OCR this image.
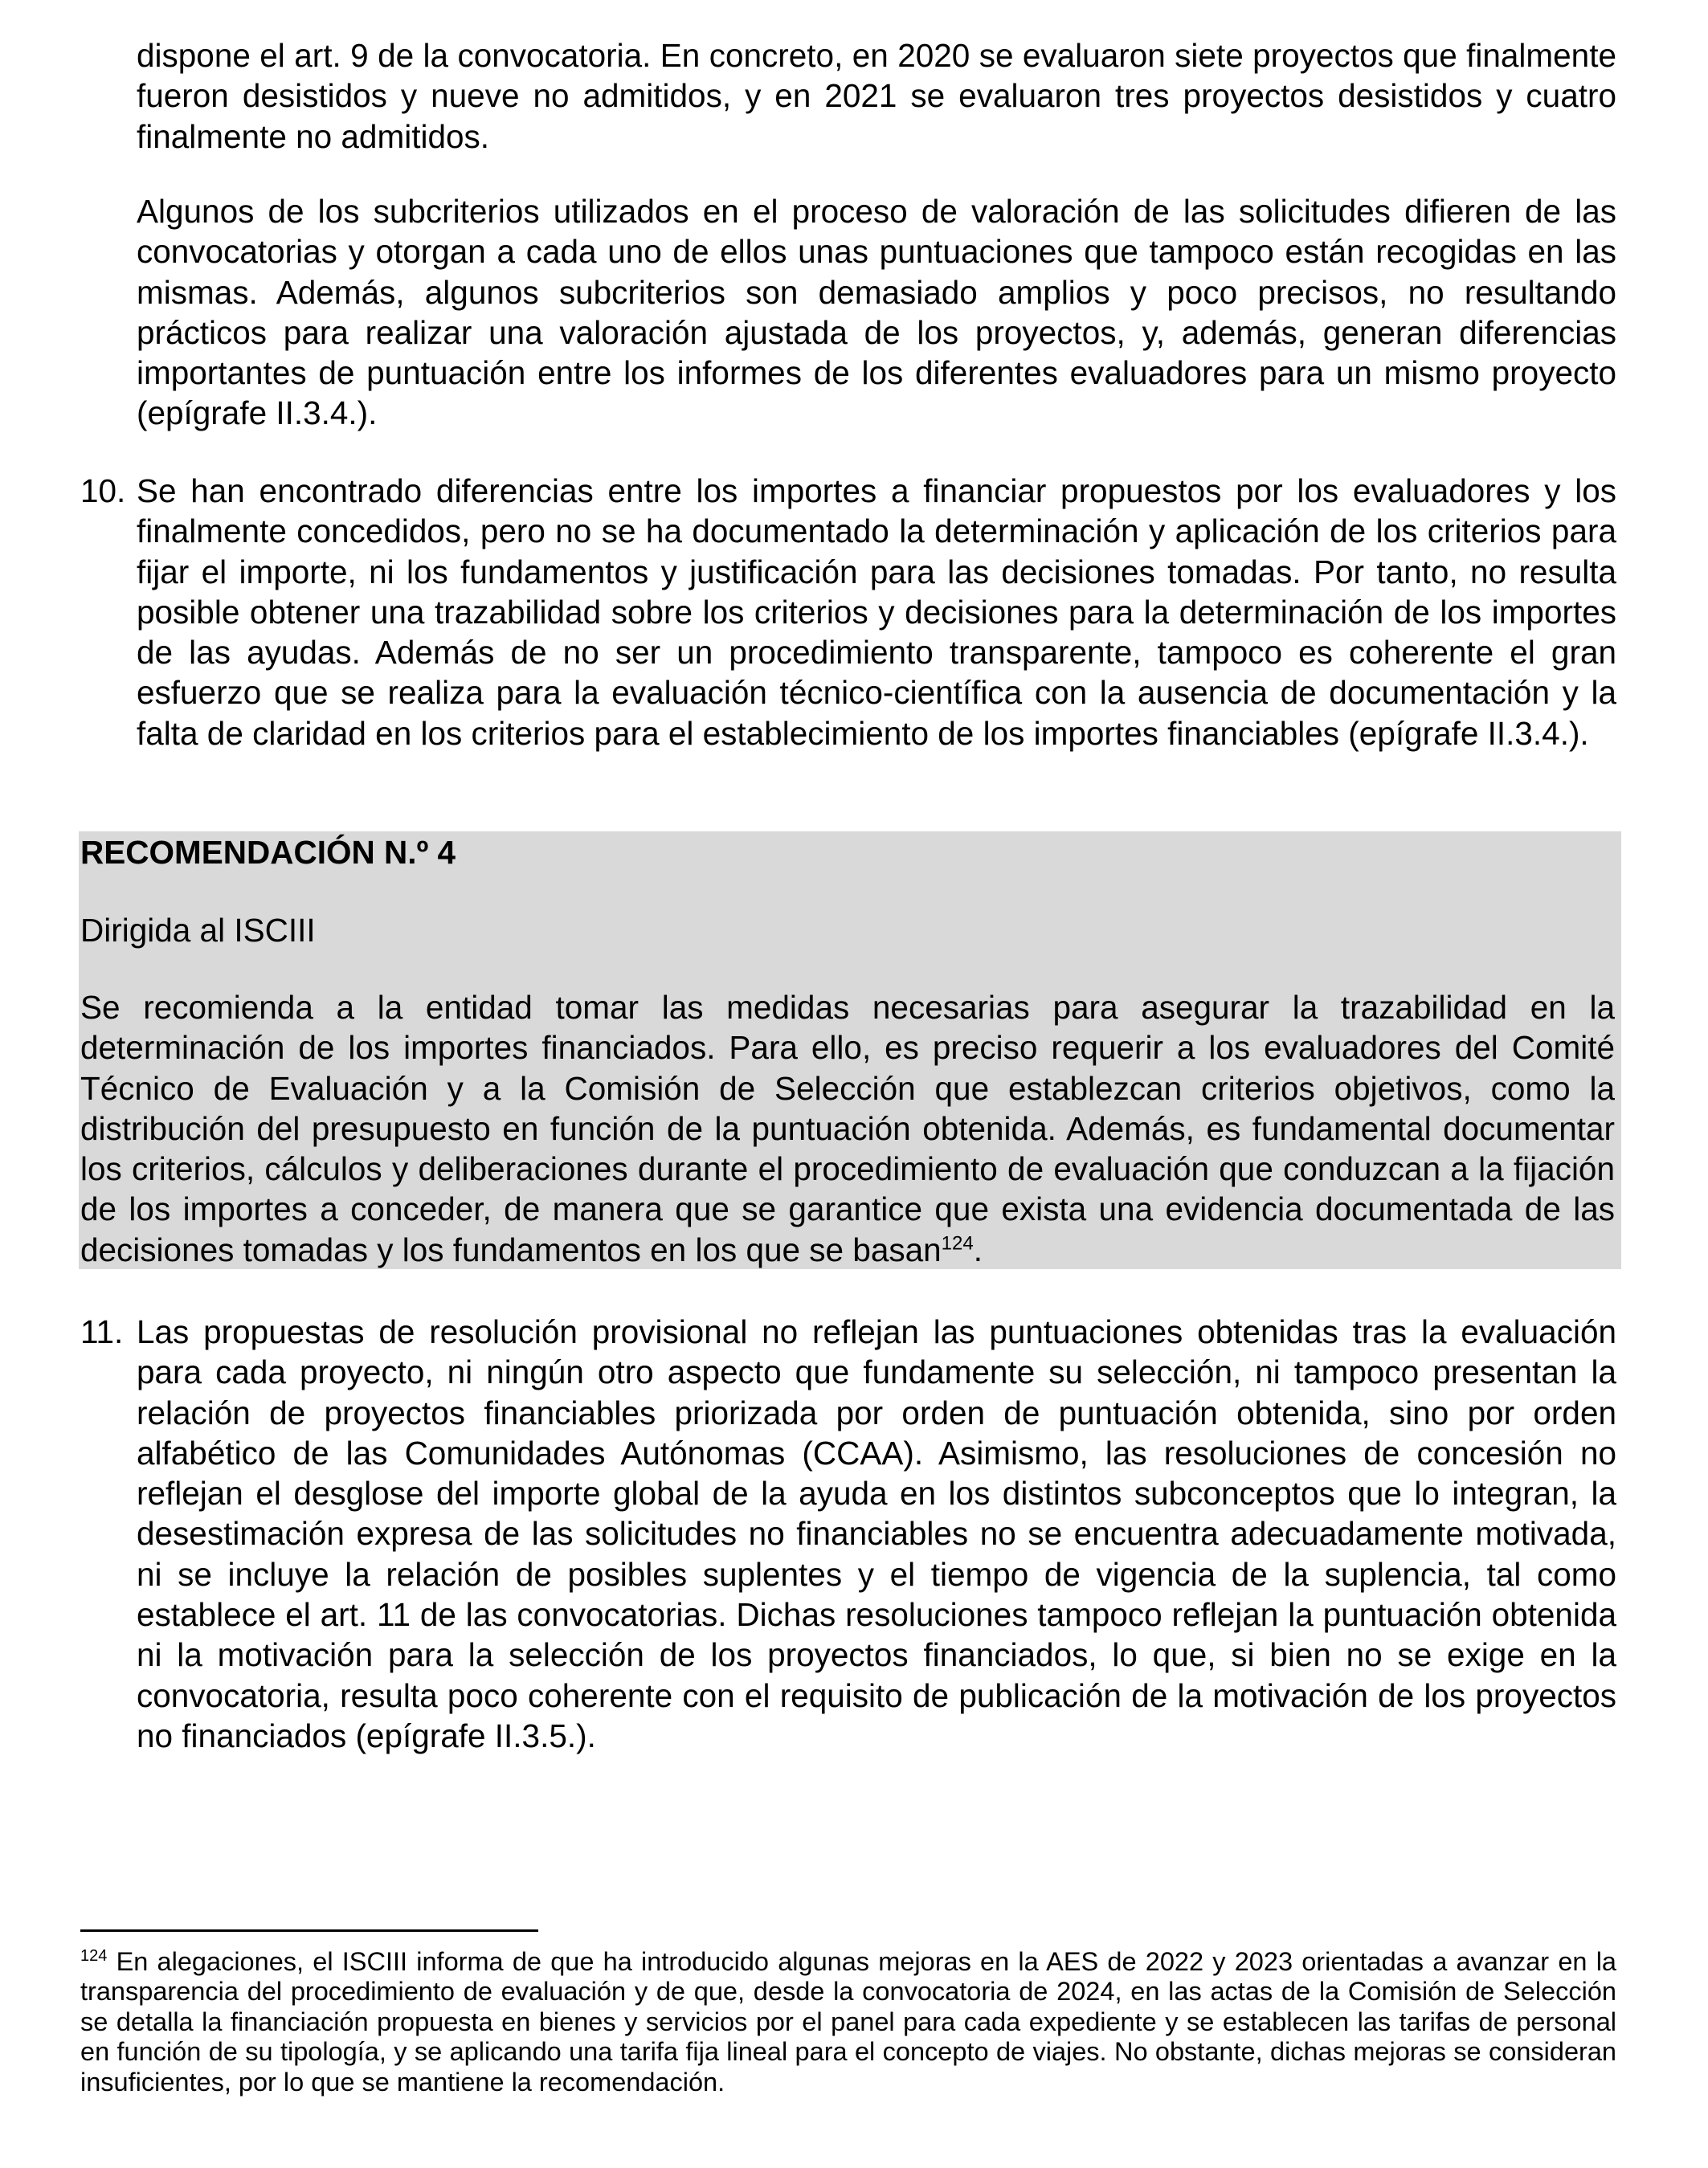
dispone el art. 9 de la convocatoria. En concreto, en 2020 se evaluaron siete proyectos que finalmente fueron desistidos y nueve no admitidos, y en 2021 se evaluaron tres proyectos desistidos y cuatro finalmente no admitidos.
Algunos de los subcriterios utilizados en el proceso de valoración de las solicitudes difieren de las convocatorias y otorgan a cada uno de ellos unas puntuaciones que tampoco están recogidas en las mismas. Además, algunos subcriterios son demasiado amplios y poco precisos, no resultando prácticos para realizar una valoración ajustada de los proyectos, y, además, generan diferencias importantes de puntuación entre los informes de los diferentes evaluadores para un mismo proyecto (epígrafe II.3.4.).
10. Se han encontrado diferencias entre los importes a financiar propuestos por los evaluadores y los finalmente concedidos, pero no se ha documentado la determinación y aplicación de los criterios para fijar el importe, ni los fundamentos y justificación para las decisiones tomadas. Por tanto, no resulta posible obtener una trazabilidad sobre los criterios y decisiones para la determinación de los importes de las ayudas. Además de no ser un procedimiento transparente, tampoco es coherente el gran esfuerzo que se realiza para la evaluación técnico-científica con la ausencia de documentación y la falta de claridad en los criterios para el establecimiento de los importes financiables (epígrafe II.3.4.).
RECOMENDACIÓN N.º 4
Dirigida al ISCIII
Se recomienda a la entidad tomar las medidas necesarias para asegurar la trazabilidad en la determinación de los importes financiados. Para ello, es preciso requerir a los evaluadores del Comité Técnico de Evaluación y a la Comisión de Selección que establezcan criterios objetivos, como la distribución del presupuesto en función de la puntuación obtenida. Además, es fundamental documentar los criterios, cálculos y deliberaciones durante el procedimiento de evaluación que conduzcan a la fijación de los importes a conceder, de manera que se garantice que exista una evidencia documentada de las decisiones tomadas y los fundamentos en los que se basan$^{124}$.
11. Las propuestas de resolución provisional no reflejan las puntuaciones obtenidas tras la evaluación para cada proyecto, ni ningún otro aspecto que fundamente su selección, ni tampoco presentan la relación de proyectos financiables priorizada por orden de puntuación obtenida, sino por orden alfabético de las Comunidades Autónomas (CCAA). Asimismo, las resoluciones de concesión no reflejan el desglose del importe global de la ayuda en los distintos subconceptos que lo integran, la desestimación expresa de las solicitudes no financiables no se encuentra adecuadamente motivada, ni se incluye la relación de posibles suplentes y el tiempo de vigencia de la suplencia, tal como establece el art. 11 de las convocatorias. Dichas resoluciones tampoco reflejan la puntuación obtenida ni la motivación para la selección de los proyectos financiados, lo que, si bien no se exige en la convocatoria, resulta poco coherente con el requisito de publicación de la motivación de los proyectos no financiados (epígrafe II.3.5.).
$^{124}$ En alegaciones, el ISCIII informa de que ha introducido algunas mejoras en la AES de 2022 y 2023 orientadas a avanzar en la transparencia del procedimiento de evaluación y de que, desde la convocatoria de 2024, en las actas de la Comisión de Selección se detalla la financiación propuesta en bienes y servicios por el panel para cada expediente y se establecen las tarifas de personal en función de su tipología, y se aplicando una tarifa fija lineal para el concepto de viajes. No obstante, dichas mejoras se consideran insuficientes, por lo que se mantiene la recomendación.
